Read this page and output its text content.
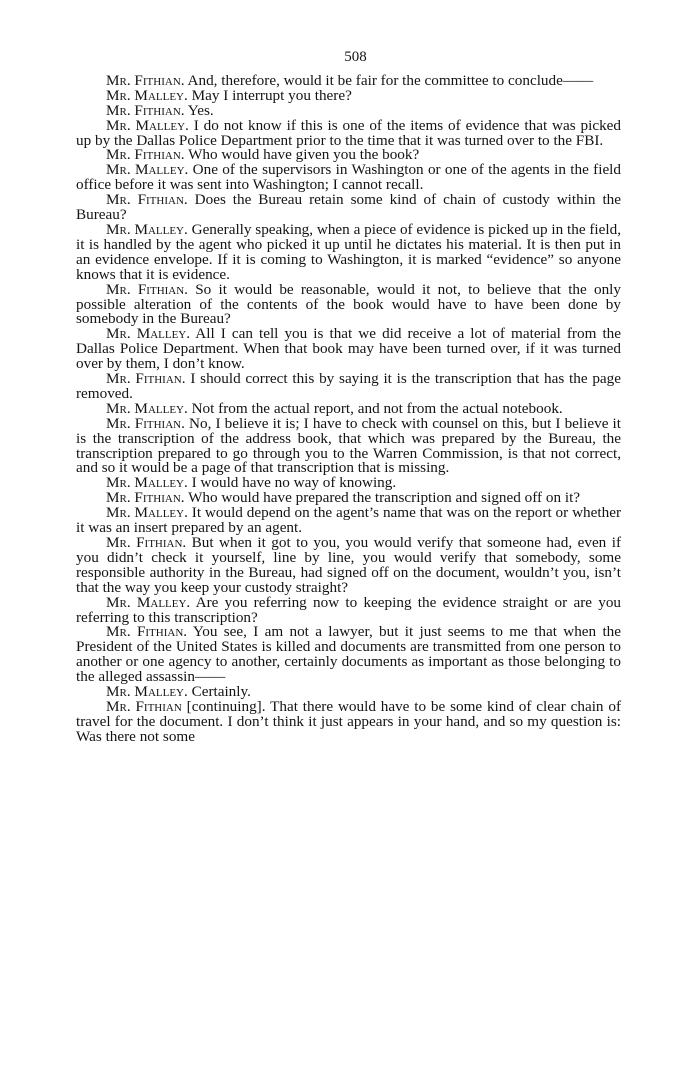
508

Mr. Fithian. And, therefore, would it be fair for the committee to conclude——

Mr. Malley. May I interrupt you there?

Mr. Fithian. Yes.

Mr. Malley. I do not know if this is one of the items of evidence that was picked up by the Dallas Police Department prior to the time that it was turned over to the FBI.

Mr. Fithian. Who would have given you the book?

Mr. Malley. One of the supervisors in Washington or one of the agents in the field office before it was sent into Washington; I cannot recall.

Mr. Fithian. Does the Bureau retain some kind of chain of custody within the Bureau?

Mr. Malley. Generally speaking, when a piece of evidence is picked up in the field, it is handled by the agent who picked it up until he dictates his material. It is then put in an evidence envelope. If it is coming to Washington, it is marked “evidence” so anyone knows that it is evidence.

Mr. Fithian. So it would be reasonable, would it not, to believe that the only possible alteration of the contents of the book would have to have been done by somebody in the Bureau?

Mr. Malley. All I can tell you is that we did receive a lot of material from the Dallas Police Department. When that book may have been turned over, if it was turned over by them, I don’t know.

Mr. Fithian. I should correct this by saying it is the transcription that has the page removed.

Mr. Malley. Not from the actual report, and not from the actual notebook.

Mr. Fithian. No, I believe it is; I have to check with counsel on this, but I believe it is the transcription of the address book, that which was prepared by the Bureau, the transcription prepared to go through you to the Warren Commission, is that not correct, and so it would be a page of that transcription that is missing.

Mr. Malley. I would have no way of knowing.

Mr. Fithian. Who would have prepared the transcription and signed off on it?

Mr. Malley. It would depend on the agent’s name that was on the report or whether it was an insert prepared by an agent.

Mr. Fithian. But when it got to you, you would verify that someone had, even if you didn’t check it yourself, line by line, you would verify that somebody, some responsible authority in the Bureau, had signed off on the document, wouldn’t you, isn’t that the way you keep your custody straight?

Mr. Malley. Are you referring now to keeping the evidence straight or are you referring to this transcription?

Mr. Fithian. You see, I am not a lawyer, but it just seems to me that when the President of the United States is killed and documents are transmitted from one person to another or one agency to another, certainly documents as important as those belonging to the alleged assassin——

Mr. Malley. Certainly.

Mr. Fithian [continuing]. That there would have to be some kind of clear chain of travel for the document. I don’t think it just appears in your hand, and so my question is: Was there not some
